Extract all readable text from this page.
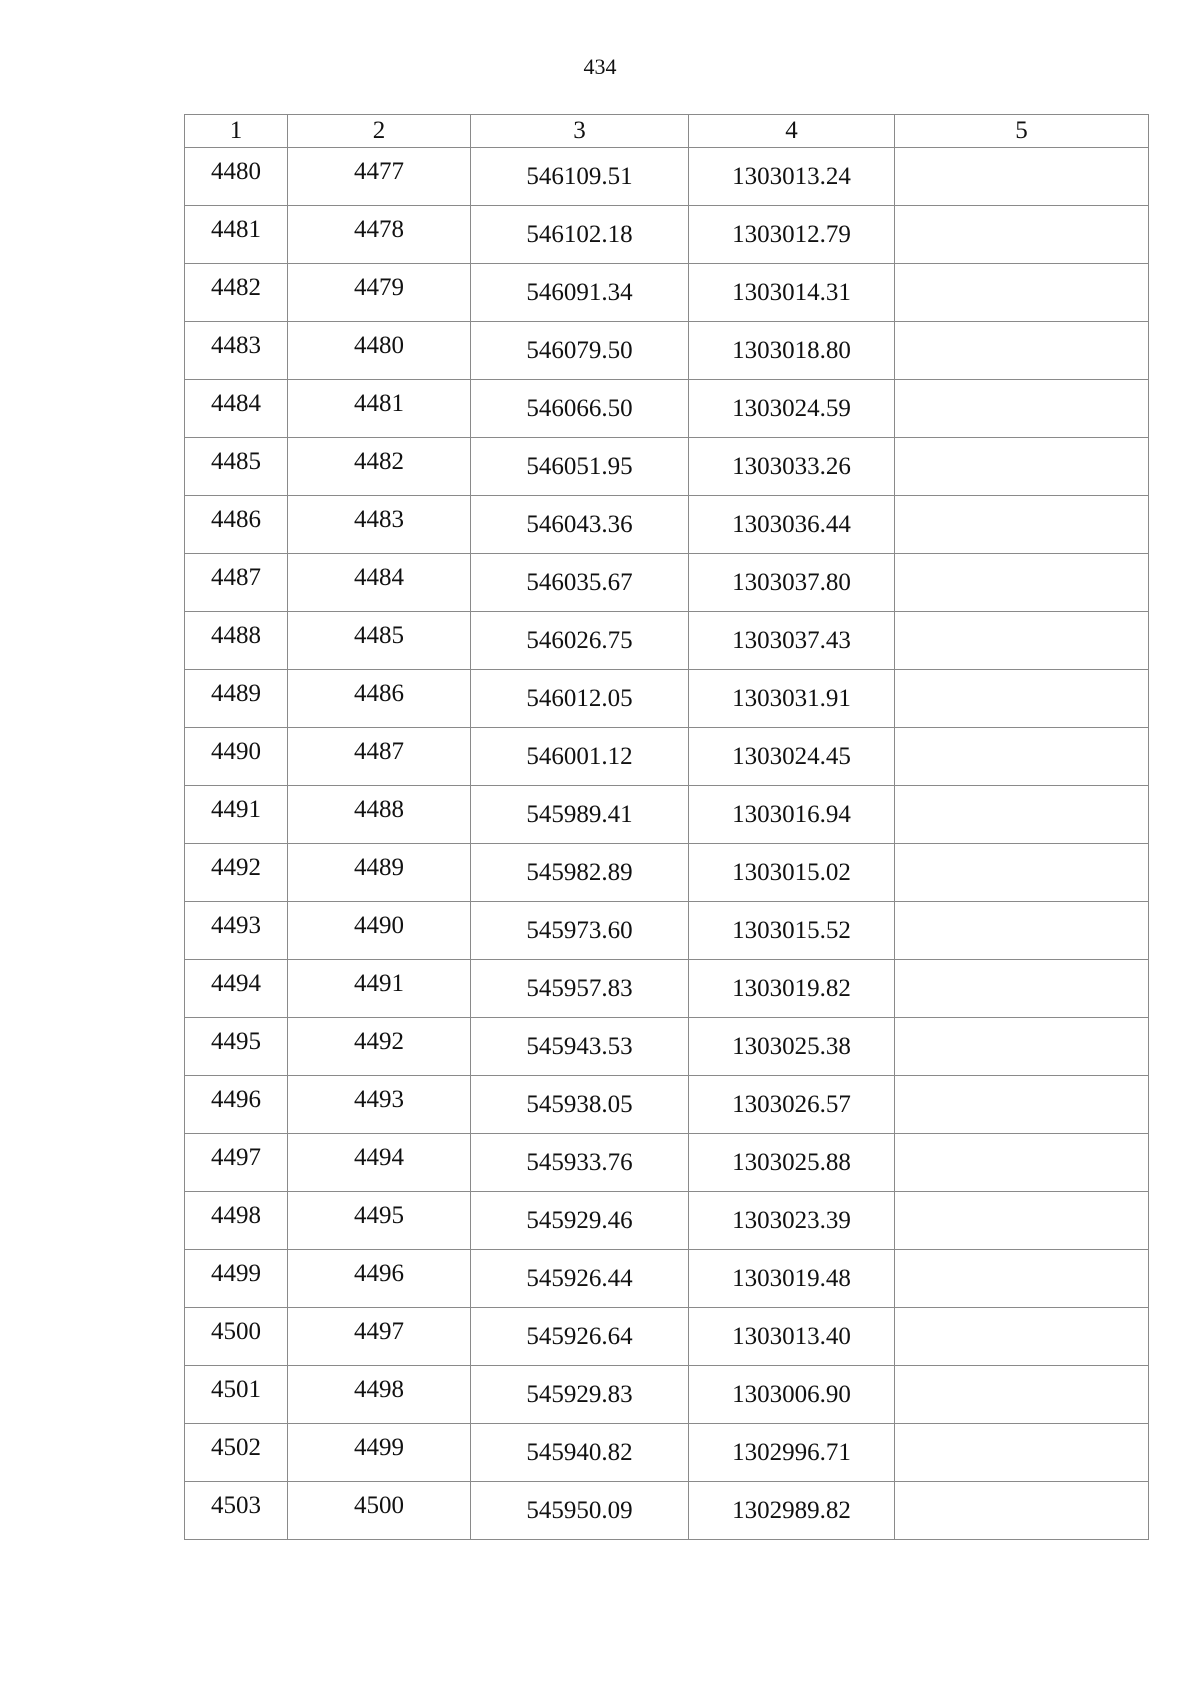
434
1	2	3	4	5
4480	4477	546109.51	1303013.24	
4481	4478	546102.18	1303012.79	
4482	4479	546091.34	1303014.31	
4483	4480	546079.50	1303018.80	
4484	4481	546066.50	1303024.59	
4485	4482	546051.95	1303033.26	
4486	4483	546043.36	1303036.44	
4487	4484	546035.67	1303037.80	
4488	4485	546026.75	1303037.43	
4489	4486	546012.05	1303031.91	
4490	4487	546001.12	1303024.45	
4491	4488	545989.41	1303016.94	
4492	4489	545982.89	1303015.02	
4493	4490	545973.60	1303015.52	
4494	4491	545957.83	1303019.82	
4495	4492	545943.53	1303025.38	
4496	4493	545938.05	1303026.57	
4497	4494	545933.76	1303025.88	
4498	4495	545929.46	1303023.39	
4499	4496	545926.44	1303019.48	
4500	4497	545926.64	1303013.40	
4501	4498	545929.83	1303006.90	
4502	4499	545940.82	1302996.71	
4503	4500	545950.09	1302989.82	
